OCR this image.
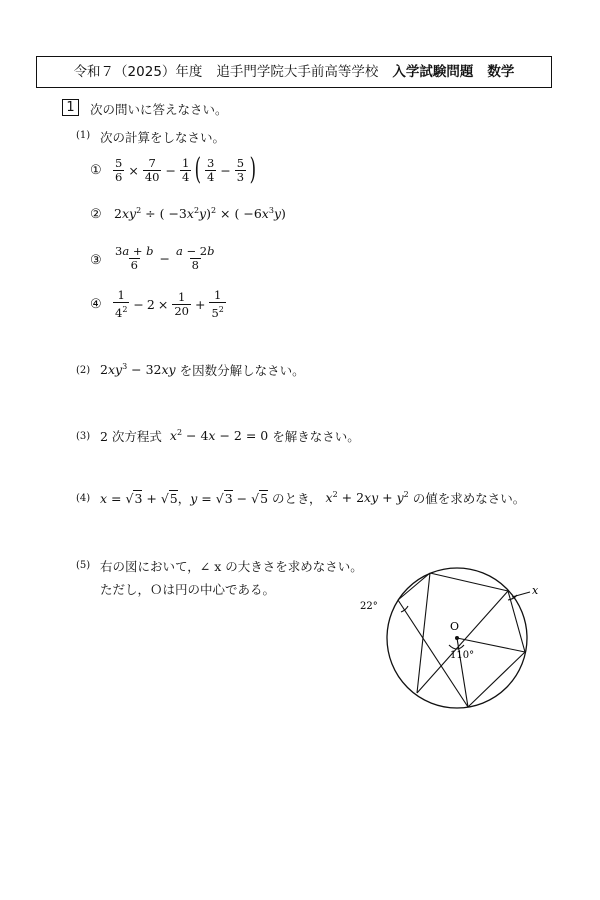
令和７（2025）年度 追手門学院大手前高等学校 入学試験問題 数学
1	次の問いに答えなさい。
(1) 次の計算をしなさい。
① $\frac{5}{6} \times \frac{7}{40} - \frac{1}{4}$ ( $\frac{3}{4} - \frac{5}{3}$ )
② $2xy^2$ ÷ ( $-3x^2y)^2$ × ( $-6x^3y$)
③ $\frac{3a + b}{6} - \frac{a - 2b}{8}$
④ $\frac{1}{4^2} - 2 \times \frac{1}{20} + \frac{1}{5^2}$
(2) $2xy^3 - 32xy$ を因数分解しなさい。
(3) 2 次方程式 $x^2 - 4x - 2 = 0$ を解きなさい。
(4) x = √3 + √5，y = √3 − √5 のとき， $x^2 + 2xy + y^2$ の値を求めなさい。
(5) 右の図において，∠ x の大きさを求めなさい。
ただし，Ｏは円の中心である。
O
110°
22°
x
